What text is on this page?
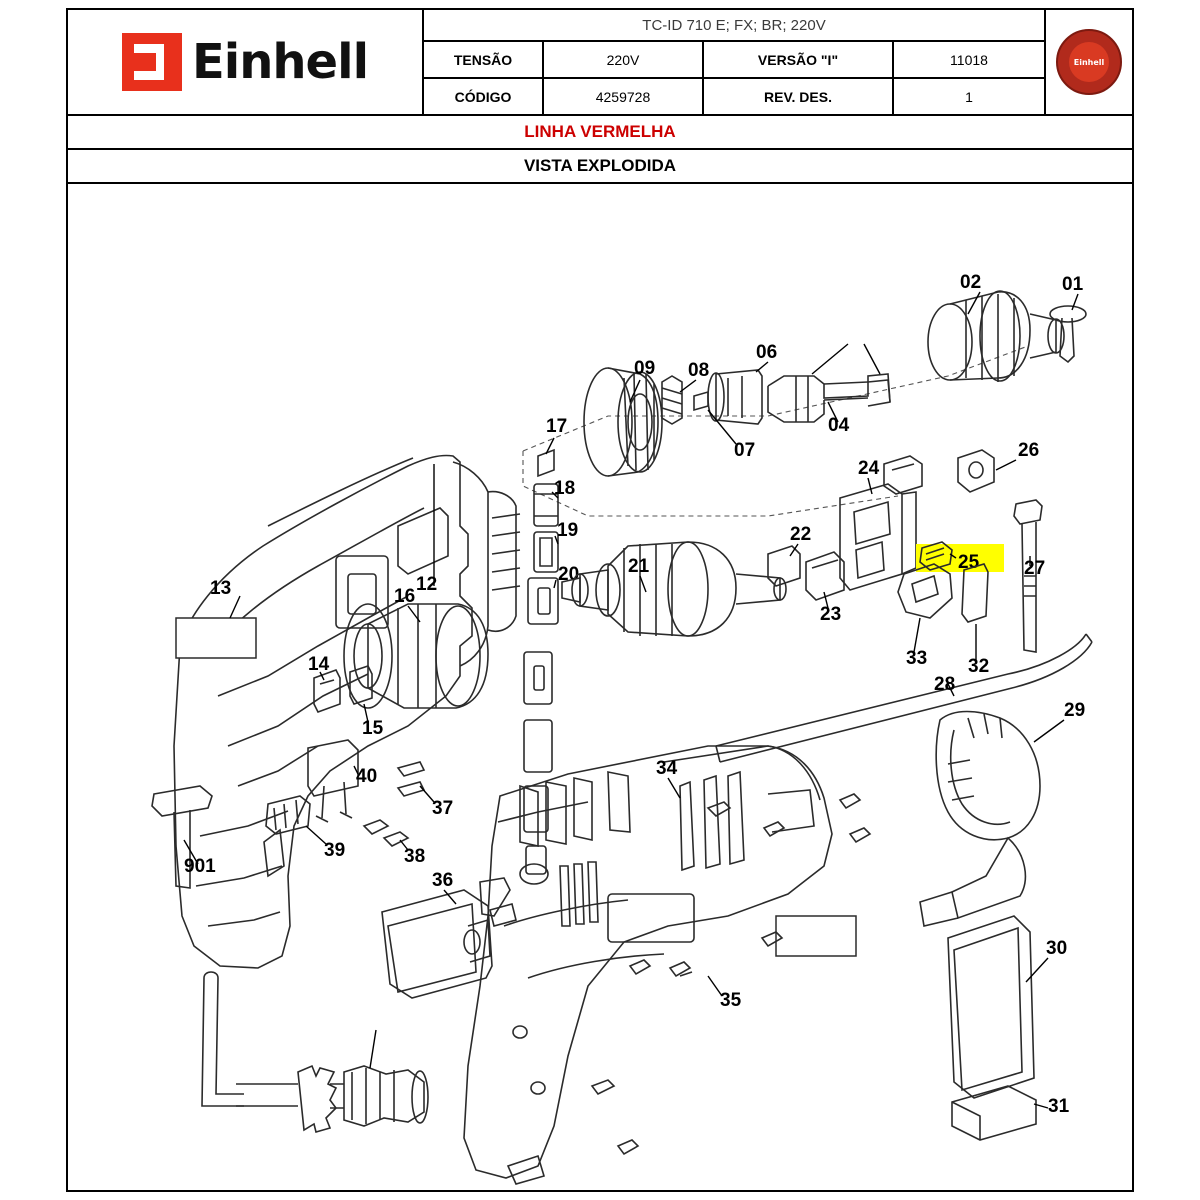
Einhell
TC-ID 710 E; FX; BR; 220V
TENSÃO	220V	VERSÃO "I"	11018
CÓDIGO	4259728	REV. DES.	1
Einhell
LINHA VERMELHA
VISTA EXPLODIDA
13	12
02	01
04
06
07
08
09
17
18
19
20	21
16
14
15
40
37
38
39
901
22
23
24
26
25 27
33 32
28
29
30
31
34
35
36
